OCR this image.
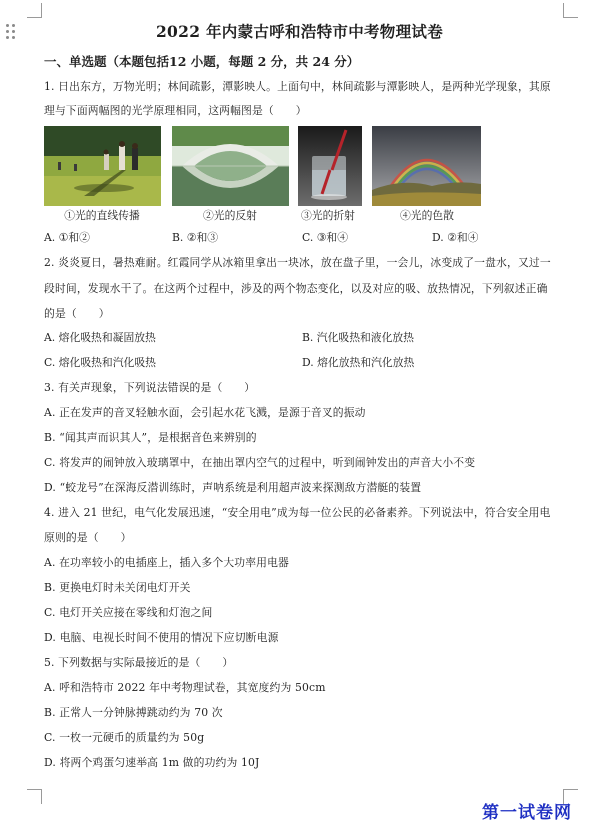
2022 年内蒙古呼和浩特市中考物理试卷
一、单选题（本题包括12 小题，每题 2 分，共 24 分）
1. 日出东方，万物光明；林间疏影，潭影映人。上面句中，林间疏影与潭影映人，是两种光学现象，其原
理与下面两幅图的光学原理相同，这两幅图是（　　）
①光的直线传播	②光的反射	③光的折射	④光的色散
A. ①和②	B. ②和③	C. ③和④	D. ②和④
2. 炎炎夏日，暑热难耐。红霞同学从冰箱里拿出一块冰，放在盘子里，一会儿，冰变成了一盘水，又过一
段时间，发现水干了。在这两个过程中，涉及的两个物态变化，以及对应的吸、放热情况，下列叙述正确
的是（　　）
A. 熔化吸热和凝固放热	B. 汽化吸热和液化放热
C. 熔化吸热和汽化吸热	D. 熔化放热和汽化放热
3. 有关声现象，下列说法错误的是（　　）
A. 正在发声的音叉轻触水面，会引起水花飞溅，是源于音叉的振动
B. “闻其声而识其人”，是根据音色来辨别的
C. 将发声的闹钟放入玻璃罩中，在抽出罩内空气的过程中，听到闹钟发出的声音大小不变
D. “蛟龙号”在深海反潜训练时，声呐系统是利用超声波来探测敌方潜艇的装置
4. 进入 21 世纪，电气化发展迅速，“安全用电”成为每一位公民的必备素养。下列说法中，符合安全用电
原则的是（　　）
A. 在功率较小的电插座上，插入多个大功率用电器
B. 更换电灯时未关闭电灯开关
C. 电灯开关应接在零线和灯泡之间
D. 电脑、电视长时间不使用的情况下应切断电源
5. 下列数据与实际最接近的是（　　）
A. 呼和浩特市 2022 年中考物理试卷，其宽度约为 50cm
B. 正常人一分钟脉搏跳动约为 70 次
C. 一枚一元硬币的质量约为 50g
D. 将两个鸡蛋匀速举高 1m 做的功约为 10J
第一试卷网
